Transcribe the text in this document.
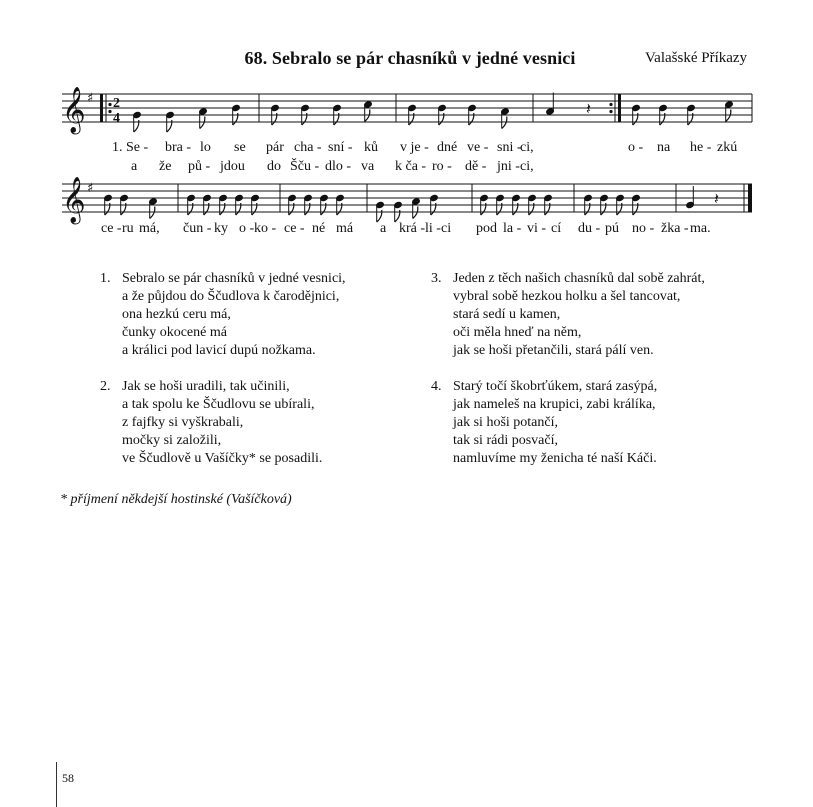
68. Sebralo se pár chasníků v jedné vesnici	Valašské Příkazy
𝄞 ♯ 2
4
𝄽
1. Se - bra - lo se pár cha - sní - ků v je - dné ve - sni -
ci,	o - na he - zkú
a že pů - jdou do Šču - dlo - va k ča - ro - dě - jni - ci,
𝄞 ♯
𝄽
ce - ru má, čun - ky o - ko - ce - né má a krá - li - ci pod la - vi - cí du - pú no - žka - ma.
1. Sebralo se pár chasníků v jedné vesnici,
a že půjdou do Ščudlova k čarodějnici,
ona hezkú ceru má,
čunky okocené má
a králici pod lavicí dupú nožkama.
2. Jak se hoši uradili, tak učinili,
a tak spolu ke Ščudlovu se ubírali,
z fajfky si vyškrabali,
močky si založili,
ve Ščudlově u Vašíčky* se posadili.
3. Jeden z těch našich chasníků dal sobě zahrát,
vybral sobě hezkou holku a šel tancovat,
stará sedí u kamen,
oči měla hneď na něm,
jak se hoši přetančili, stará pálí ven.
4. Starý točí škobrťúkem, stará zasýpá,
jak nameleš na krupici, zabi králíka,
jak si hoši potančí,
tak si rádi posvačí,
namluvíme my ženicha té naší Káči.
* příjmení někdejší hostinské (Vašíčková)
58
